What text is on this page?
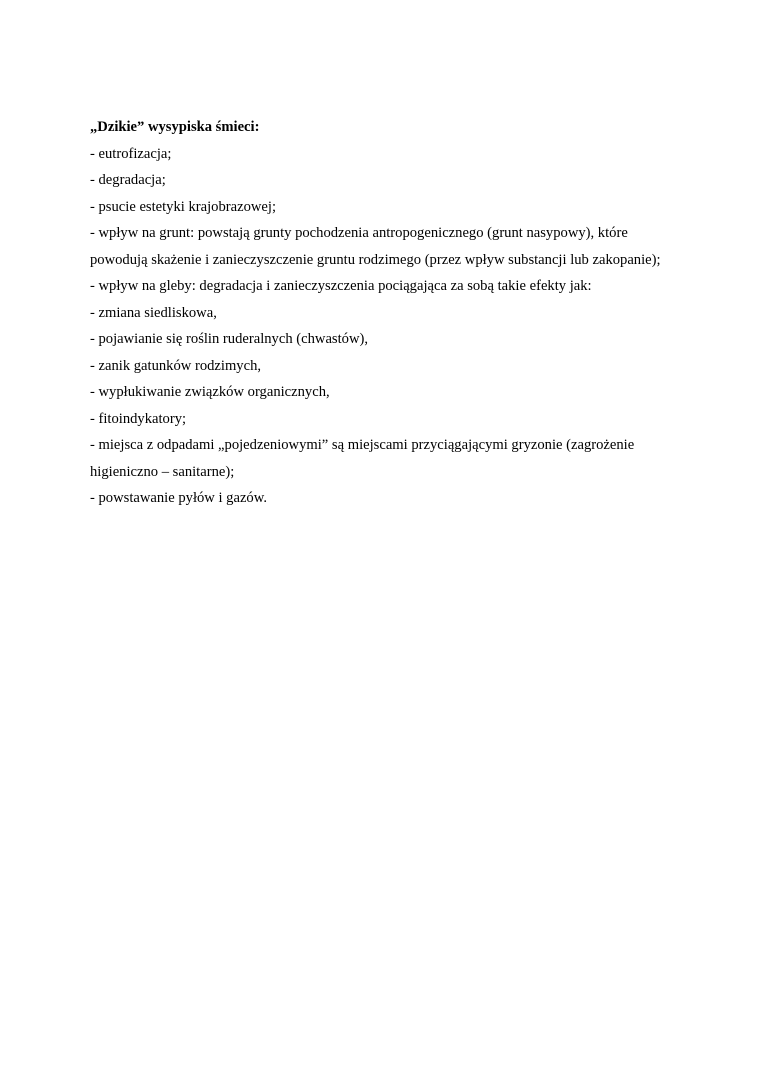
„Dzikie” wysypiska śmieci:

- eutrofizacja;

- degradacja;

- psucie estetyki krajobrazowej;

- wpływ na grunt: powstają grunty pochodzenia antropogenicznego (grunt nasypowy), które powodują skażenie i zanieczyszczenie gruntu rodzimego (przez wpływ substancji lub zakopanie);

- wpływ na gleby: degradacja i zanieczyszczenia pociągająca za sobą takie efekty jak:

- zmiana siedliskowa,

- pojawianie się roślin ruderalnych (chwastów),

- zanik gatunków rodzimych,

- wypłukiwanie związków organicznych,

- fitoindykatory;

- miejsca z odpadami „pojedzeniowymi” są miejscami przyciągającymi gryzonie (zagrożenie higieniczno – sanitarne);

- powstawanie pyłów i gazów.
